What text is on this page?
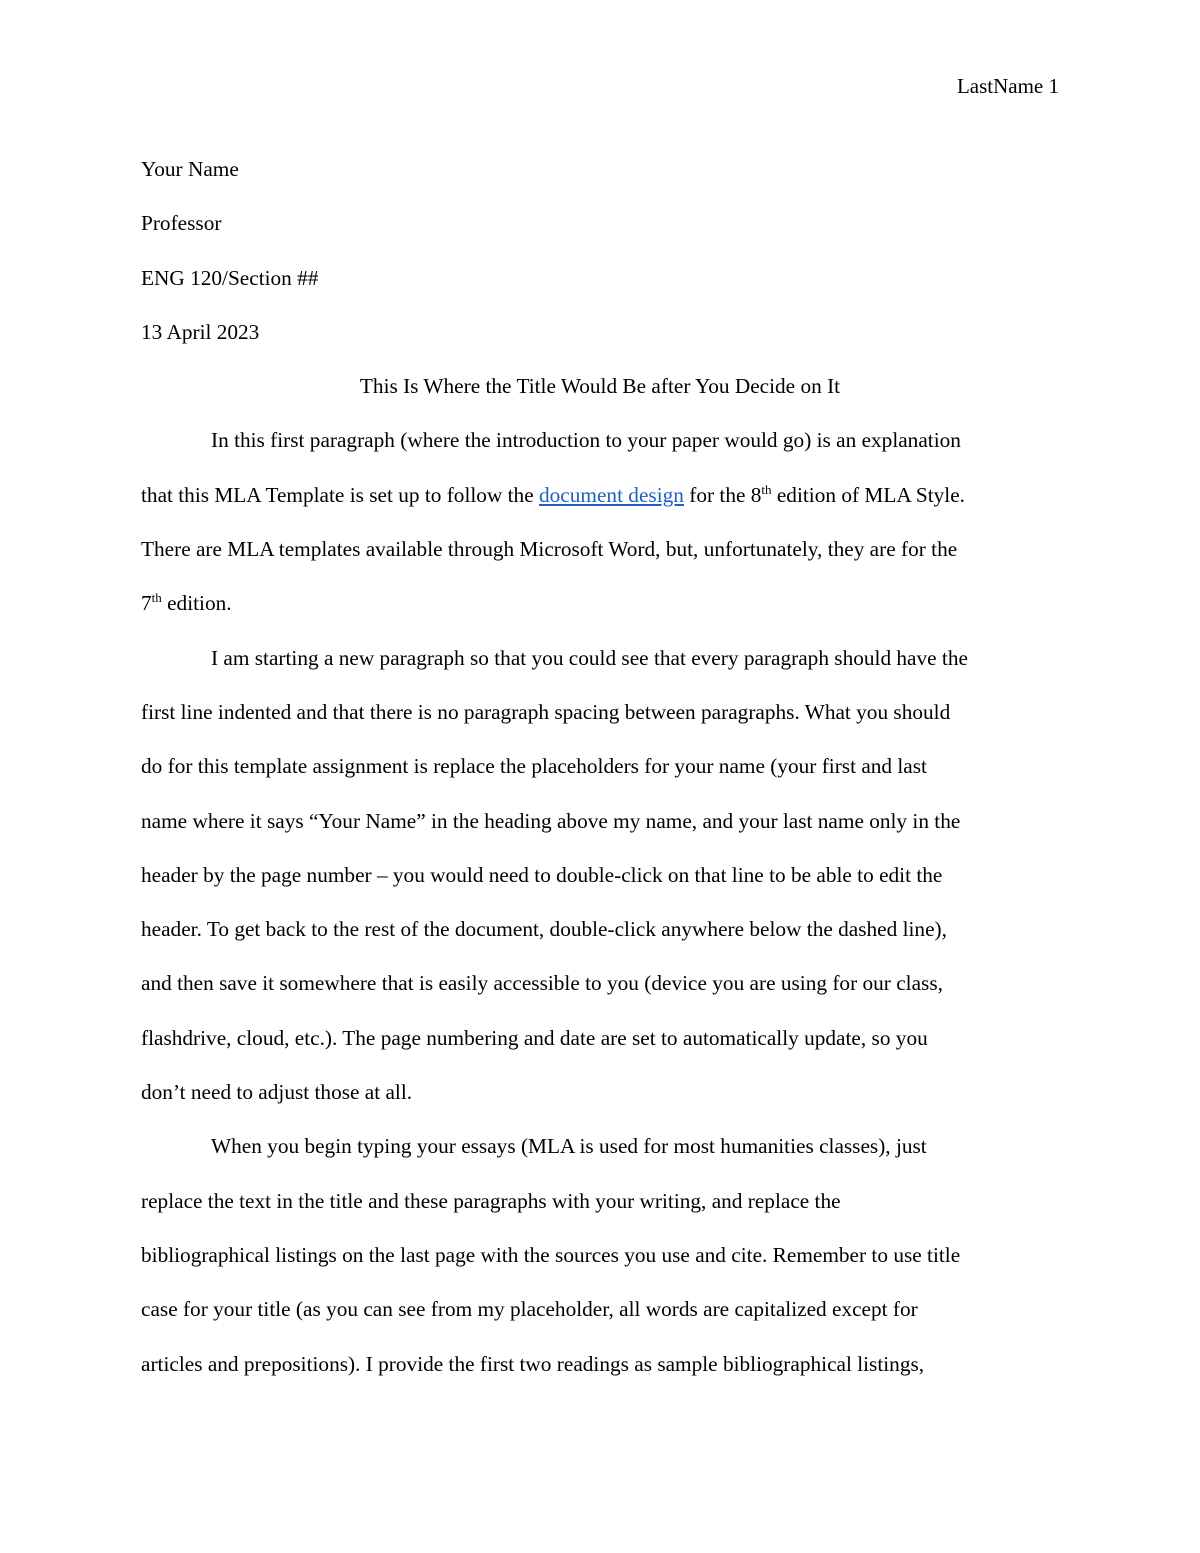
LastName 1
Your Name
Professor
ENG 120/Section ##
13 April 2023
This Is Where the Title Would Be after You Decide on It
In this first paragraph (where the introduction to your paper would go) is an explanation
that this MLA Template is set up to follow the document design for the 8th edition of MLA Style.
There are MLA templates available through Microsoft Word, but, unfortunately, they are for the
7th edition.
I am starting a new paragraph so that you could see that every paragraph should have the
first line indented and that there is no paragraph spacing between paragraphs. What you should
do for this template assignment is replace the placeholders for your name (your first and last
name where it says “Your Name” in the heading above my name, and your last name only in the
header by the page number – you would need to double-click on that line to be able to edit the
header. To get back to the rest of the document, double-click anywhere below the dashed line),
and then save it somewhere that is easily accessible to you (device you are using for our class,
flashdrive, cloud, etc.). The page numbering and date are set to automatically update, so you
don’t need to adjust those at all.
When you begin typing your essays (MLA is used for most humanities classes), just
replace the text in the title and these paragraphs with your writing, and replace the
bibliographical listings on the last page with the sources you use and cite. Remember to use title
case for your title (as you can see from my placeholder, all words are capitalized except for
articles and prepositions). I provide the first two readings as sample bibliographical listings,
